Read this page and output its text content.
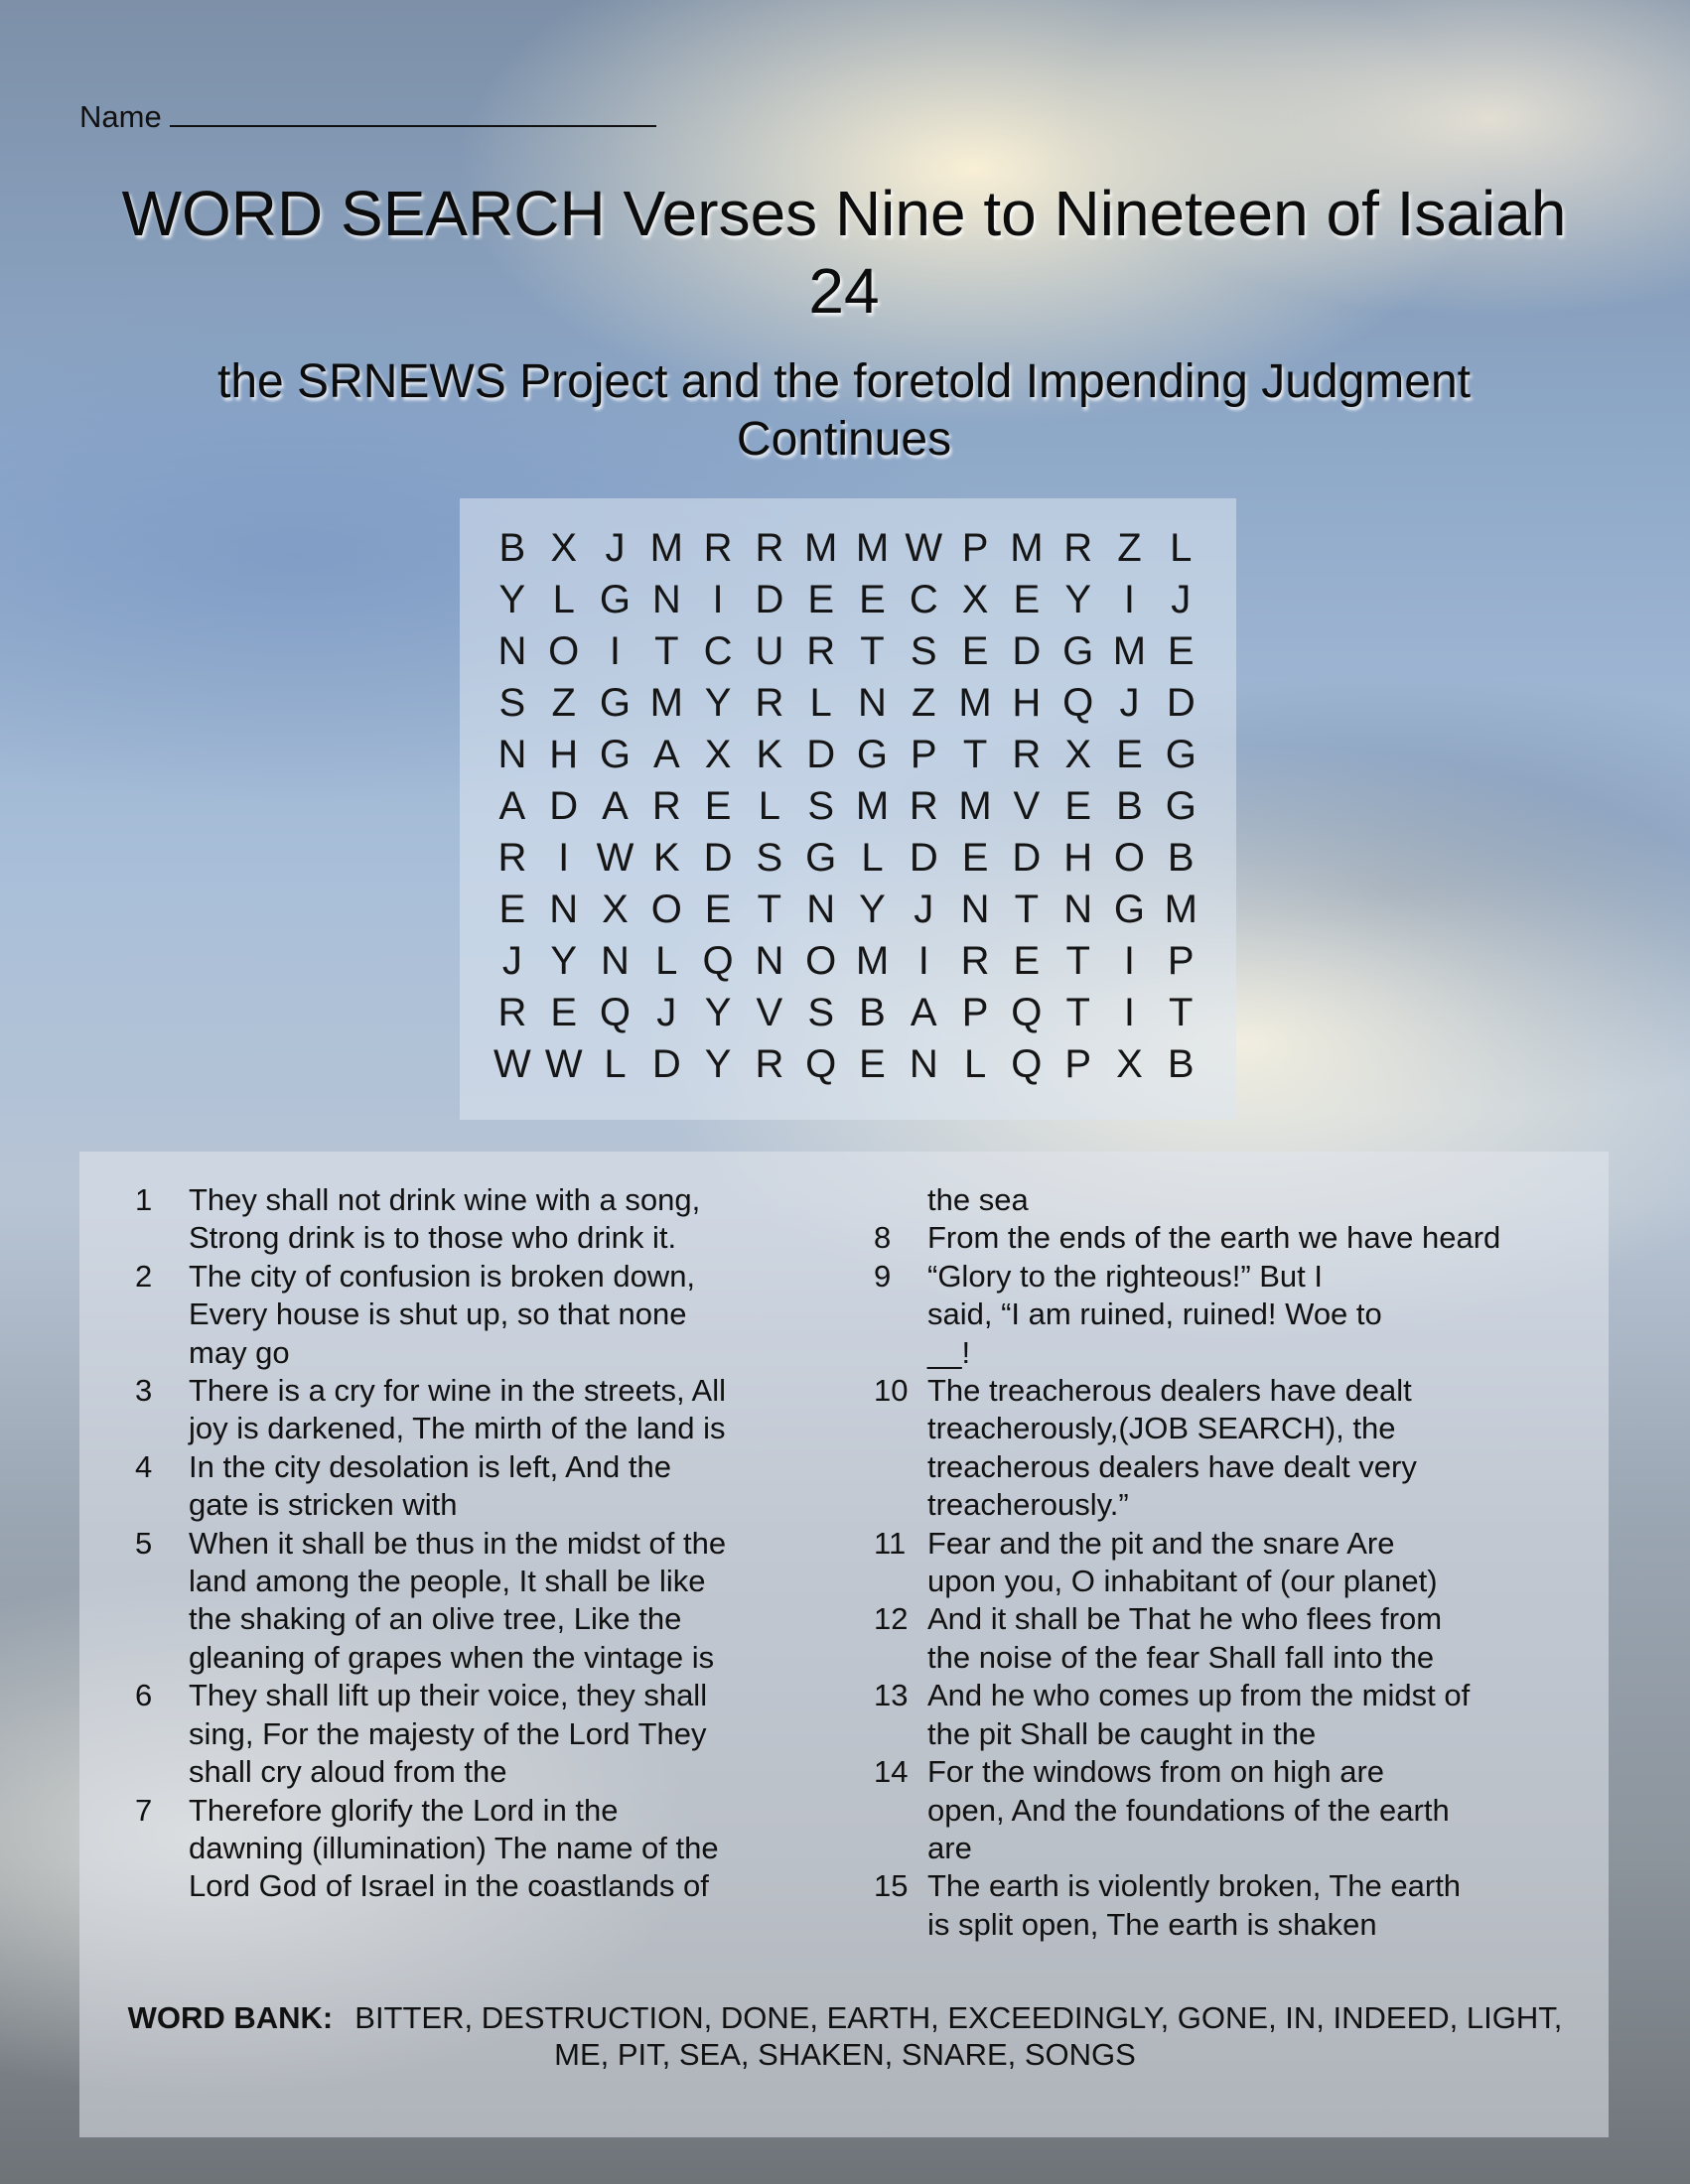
Name
WORD SEARCH Verses Nine to Nineteen of Isaiah 24
the SRNEWS Project and the foretold Impending Judgment Continues
B X J M R R M M W P M R Z L
Y L G N I D E E C X E Y I J
N O I T C U R T S E D G M E
S Z G M Y R L N Z M H Q J D
N H G A X K D G P T R X E G
A D A R E L S M R M V E B G
R I W K D S G L D E D H O B
E N X O E T N Y J N T N G M
J Y N L Q N O M I R E T I P
R E Q J Y V S B A P Q T I T
W W L D Y R Q E N L Q P X B
1	They shall not drink wine with a song,
Strong drink is to those who drink it.
2	The city of confusion is broken down,
Every house is shut up, so that none
may go
3	There is a cry for wine in the streets, All
joy is darkened, The mirth of the land is
4	In the city desolation is left, And the
gate is stricken with
5	When it shall be thus in the midst of the
land among the people, It shall be like
the shaking of an olive tree, Like the
gleaning of grapes when the vintage is
6	They shall lift up their voice, they shall
sing, For the majesty of the Lord They
shall cry aloud from the
7	Therefore glorify the Lord in the
dawning (illumination) The name of the
Lord God of Israel in the coastlands of
the sea
8	From the ends of the earth we have heard
9	“Glory to the righteous!” But I
said, “I am ruined, ruined! Woe to
__!
10 The treacherous dealers have dealt
treacherously,(JOB SEARCH), the
treacherous dealers have dealt very
treacherously.”
11 Fear and the pit and the snare Are
upon you, O inhabitant of (our planet)
12 And it shall be That he who flees from
the noise of the fear Shall fall into the
13 And he who comes up from the midst of
the pit Shall be caught in the
14 For the windows from on high are
open, And the foundations of the earth
are
15 The earth is violently broken, The earth
is split open, The earth is shaken
WORD BANK: BITTER, DESTRUCTION, DONE, EARTH, EXCEEDINGLY, GONE, IN, INDEED, LIGHT, ME, PIT, SEA, SHAKEN, SNARE, SONGS
